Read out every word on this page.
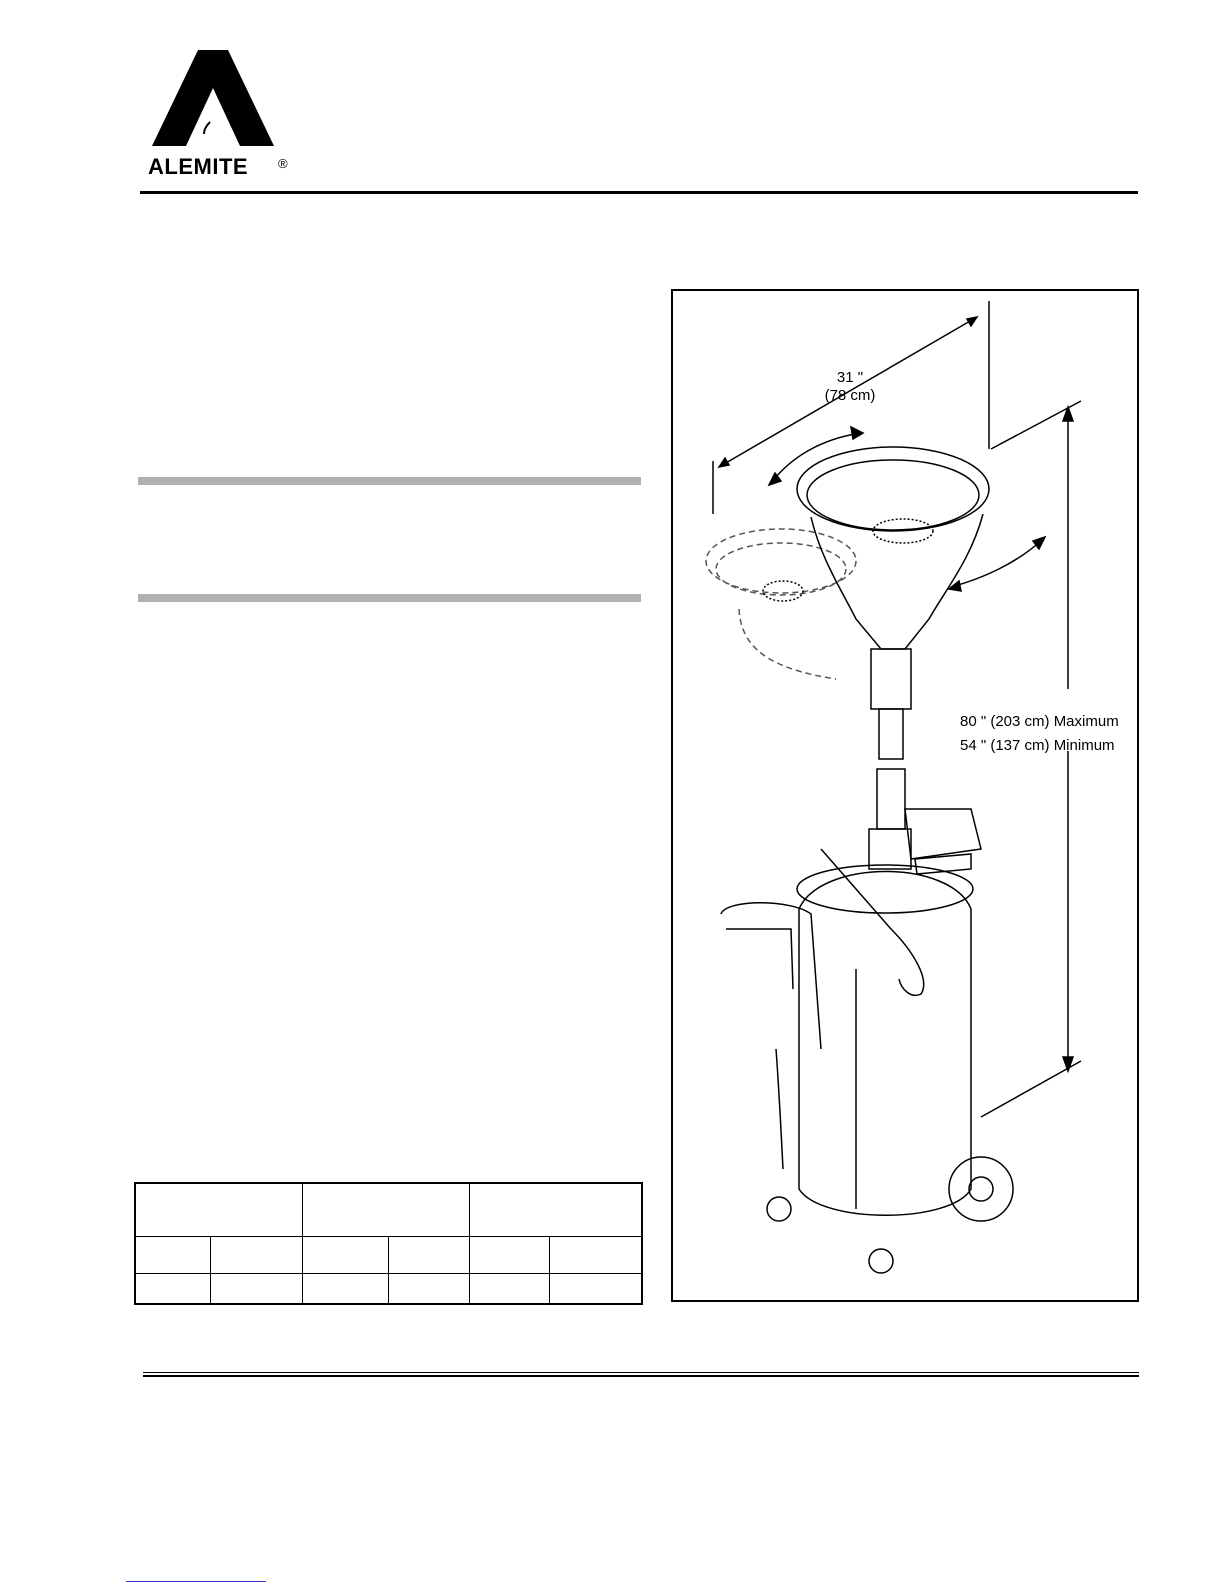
ALEMITE ®
31 "
(78 cm)
80 " (203 cm) Maximum
54 " (137 cm) Minimum
